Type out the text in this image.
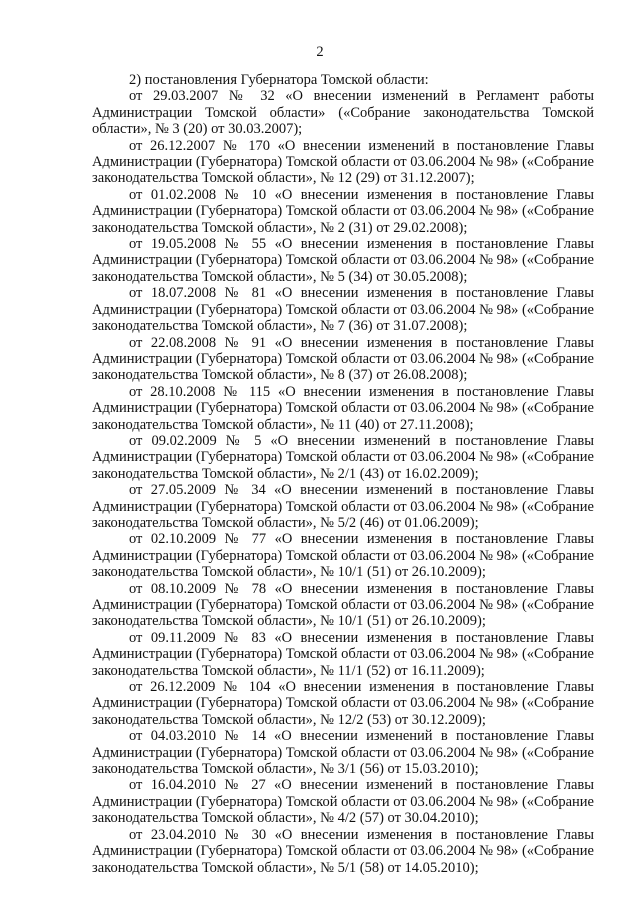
2

2) постановления Губернатора Томской области:

от 29.03.2007 № 32 «О внесении изменений в Регламент работы Администрации Томской области» («Собрание законодательства Томской области», № 3 (20) от 30.03.2007);

от 26.12.2007 № 170 «О внесении изменений в постановление Главы Администрации (Губернатора) Томской области от 03.06.2004 № 98» («Собрание законодательства Томской области», № 12 (29) от 31.12.2007);

от 01.02.2008 № 10 «О внесении изменения в постановление Главы Администрации (Губернатора) Томской области от 03.06.2004 № 98» («Собрание законодательства Томской области», № 2 (31) от 29.02.2008);

от 19.05.2008 № 55 «О внесении изменения в постановление Главы Администрации (Губернатора) Томской области от 03.06.2004 № 98» («Собрание законодательства Томской области», № 5 (34) от 30.05.2008);

от 18.07.2008 № 81 «О внесении изменения в постановление Главы Администрации (Губернатора) Томской области от 03.06.2004 № 98» («Собрание законодательства Томской области», № 7 (36) от 31.07.2008);

от 22.08.2008 № 91 «О внесении изменения в постановление Главы Администрации (Губернатора) Томской области от 03.06.2004 № 98» («Собрание законодательства Томской области», № 8 (37) от 26.08.2008);

от 28.10.2008 № 115 «О внесении изменения в постановление Главы Администрации (Губернатора) Томской области от 03.06.2004 № 98» («Собрание законодательства Томской области», № 11 (40) от 27.11.2008);

от 09.02.2009 № 5 «О внесении изменений в постановление Главы Администрации (Губернатора) Томской области от 03.06.2004 № 98» («Собрание законодательства Томской области», № 2/1 (43) от 16.02.2009);

от 27.05.2009 № 34 «О внесении изменений в постановление Главы Администрации (Губернатора) Томской области от 03.06.2004 № 98» («Собрание законодательства Томской области», № 5/2 (46) от 01.06.2009);

от 02.10.2009 № 77 «О внесении изменения в постановление Главы Администрации (Губернатора) Томской области от 03.06.2004 № 98» («Собрание законодательства Томской области», № 10/1 (51) от 26.10.2009);

от 08.10.2009 № 78 «О внесении изменения в постановление Главы Администрации (Губернатора) Томской области от 03.06.2004 № 98» («Собрание законодательства Томской области», № 10/1 (51) от 26.10.2009);

от 09.11.2009 № 83 «О внесении изменения в постановление Главы Администрации (Губернатора) Томской области от 03.06.2004 № 98» («Собрание законодательства Томской области», № 11/1 (52) от 16.11.2009);

от 26.12.2009 № 104 «О внесении изменения в постановление Главы Администрации (Губернатора) Томской области от 03.06.2004 № 98» («Собрание законодательства Томской области», № 12/2 (53) от 30.12.2009);

от 04.03.2010 № 14 «О внесении изменений в постановление Главы Администрации (Губернатора) Томской области от 03.06.2004 № 98» («Собрание законодательства Томской области», № 3/1 (56) от 15.03.2010);

от 16.04.2010 № 27 «О внесении изменений в постановление Главы Администрации (Губернатора) Томской области от 03.06.2004 № 98» («Собрание законодательства Томской области», № 4/2 (57) от 30.04.2010);

от 23.04.2010 № 30 «О внесении изменения в постановление Главы Администрации (Губернатора) Томской области от 03.06.2004 № 98» («Собрание законодательства Томской области», № 5/1 (58) от 14.05.2010);
